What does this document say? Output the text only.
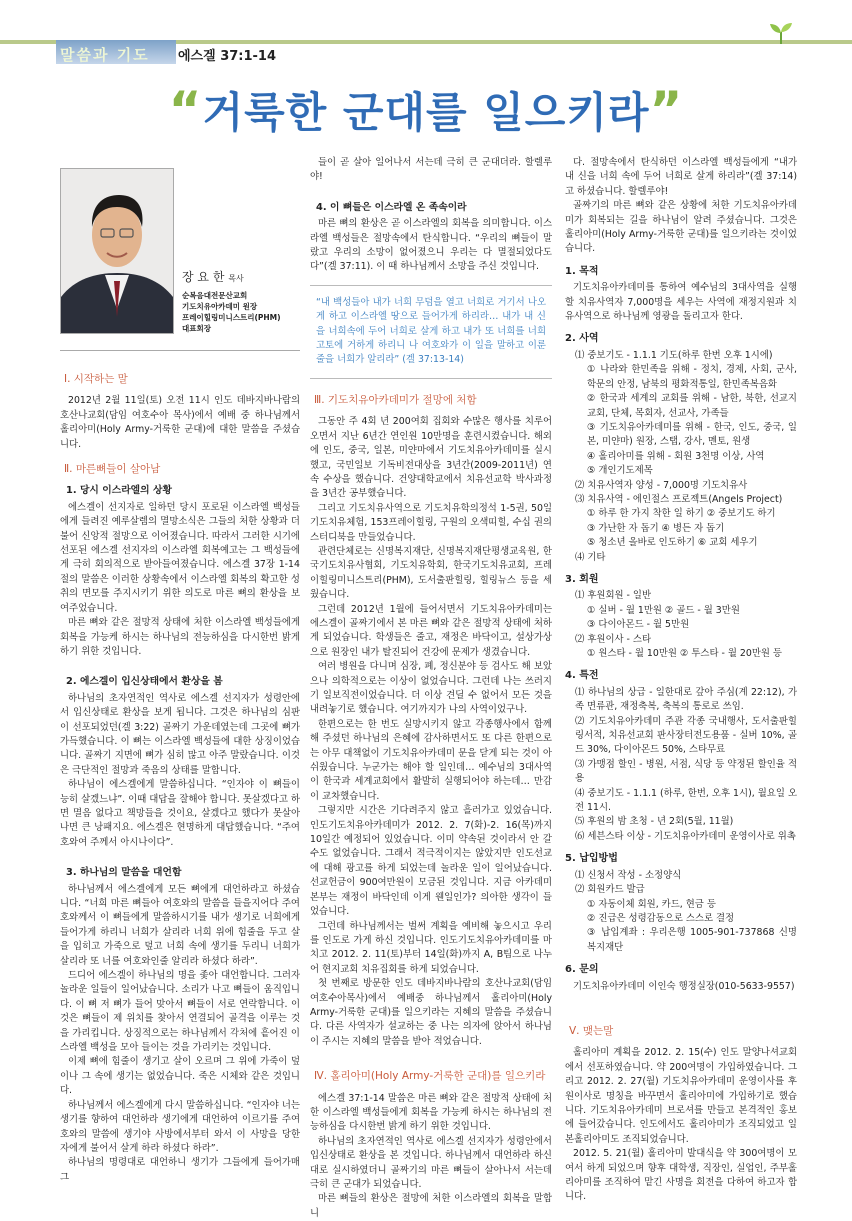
말씀과 기도 에스겔 37:1-14
“거룩한 군대를 일으키라”
장 요 한 목사
순복음대전문산교회
기도치유아카데미 원장
프레이힐링미니스트리(PHM)
대표회장
Ⅰ. 시작하는 말

2012년 2월 11일(토) 오전 11시 인도 데바지바나람의 호산나교회(담임 여호수아 목사)에서 예배 중 하나님께서 홀리아미(Holy Army-거룩한 군대)에 대한 말씀을 주셨습니다.

Ⅱ. 마른뼈들이 살아남
1. 당시 이스라엘의 상황

에스겔이 선지자로 일하던 당시 포로된 이스라엘 백성들에게 들려진 예루살렘의 멸망소식은 그들의 처한 상황과 더불어 신앙적 절망으로 이어졌습니다. 따라서 그러한 시기에 선포된 에스겔 선지자의 이스라엘 회복예고는 그 백성들에게 극히 회의적으로 받아들여졌습니다. 에스겔 37장 1-14절의 말씀은 이러한 상황속에서 이스라엘 회복의 확고한 성취의 면모를 주지시키기 위한 의도로 마른 뼈의 환상을 보여주었습니다.

마른 뼈와 같은 절망적 상태에 처한 이스라엘 백성들에게 회복을 가능케 하시는 하나님의 전능하심을 다시한번 밝게 하기 위한 것입니다.

2. 에스겔이 입신상태에서 환상을 봄

하나님의 초자연적인 역사로 에스겔 선지자가 성령안에서 입신상태로 환상을 보게 됩니다. 그것은 하나님의 심판이 선포되었던(겔 3:22) 골짜기 가운데였는데 그곳에 뼈가 가득했습니다. 이 뼈는 이스라엘 백성들에 대한 상징이었습니다. 골짜기 지면에 뼈가 심히 많고 아주 말랐습니다. 이것은 극단적인 절망과 죽음의 상태를 말합니다.

하나님이 에스겔에게 말씀하십니다. “인자야 이 뼈들이 능히 살겠느냐”. 이때 대답을 잘해야 합니다. 못살겠다고 하면 멸음 없다고 책망들을 것이요, 살겠다고 했다가 못살아나면 큰 낭패지요. 에스겔은 현명하게 대답했습니다. “주여호와여 주께서 아시나이다”.

3. 하나님의 말씀을 대언함

하나님께서 에스겔에게 모든 뼈에게 대언하라고 하셨습니다. “너희 마른 뼈들아 여호와의 말씀을 들을지어다 주여호와께서 이 뼈들에게 말씀하시기를 내가 생기로 너희에게 들어가게 하리니 너희가 살리라 너희 위에 힘줄을 두고 살을 입히고 가죽으로 덮고 너희 속에 생기를 두리니 너희가 살리라 또 너를 여호와인줄 알리라 하셨다 하라”.

드디어 에스겔이 하나님의 명을 좇아 대언합니다. 그러자 놀라운 일들이 일어났습니다. 소리가 나고 뼈들이 움직입니다. 이 뼈 저 뼈가 들어 맞아서 뼈들이 서로 연락합니다. 이것은 뼈들이 제 위치를 찾아서 연결되어 골격을 이루는 것을 가리킵니다. 상징적으로는 하나님께서 각처에 흩어진 이스라엘 백성을 모아 들이는 것을 가리키는 것입니다.

이제 뼈에 힘줄이 생기고 살이 오르며 그 위에 가죽이 덮이나 그 속에 생기는 없었습니다. 죽은 시체와 같은 것입니다.

하나님께서 에스겔에게 다시 말씀하십니다. “인자야 너는 생기를 향하여 대언하라 생기에게 대언하여 이르기를 주여호와의 말씀에 생기야 사방에서부터 와서 이 사망을 당한 자에게 불어서 살게 하라 하셨다 하라”.

하나님의 명령대로 대언하니 생기가 그들에게 들어가매 그

들이 곧 살아 일어나서 서는데 극히 큰 군대더라. 할렐루야!

4. 이 뼈들은 이스라엘 온 족속이라

마른 뼈의 환상은 곧 이스라엘의 회복을 의미합니다. 이스라엘 백성들은 절망속에서 탄식합니다. “우리의 뼈들이 말랐고 우리의 소망이 없어졌으니 우리는 다 멸절되었다도다”(겔 37:11). 이 때 하나님께서 소망을 주신 것입니다.

“내 백성들아 내가 너희 무덤을 열고 너희로 거기서 나오게 하고 이스라엘 땅으로 들어가게 하리라… 내가 내 신을 너희속에 두어 너희로 살게 하고 내가 또 너희를 너희 고토에 거하게 하리니 나 여호와가 이 일을 말하고 이룬 줄을 너희가 알리라” (겔 37:13-14)
Ⅲ. 기도치유아카데미가 절망에 처함

그동안 주 4회 년 200여회 집회와 수많은 행사를 치루어오면서 지난 6년간 연인원 10만명을 훈련시켰습니다. 해외에 인도, 중국, 일본, 미얀마에서 기도치유아카데미를 실시했고, 국민일보 기독비전대상을 3년간(2009-2011년) 연속 수상을 했습니다. 건양대학교에서 치유선교학 박사과정을 3년간 공부했습니다.

그리고 기도치유사역으로 기도치유학의정석 1-5권, 50일기도치유체험, 153프레이힐링, 구원의 오색띠힐, 수십 권의 스터디북을 만들었습니다.

관련단체로는 신명복지재단, 신명복지재단평생교육원, 한국기도치유사협회, 기도치유학회, 한국기도치유교회, 프레이힐링미니스트리(PHM), 도서출판힐링, 힐링뉴스 등을 세웠습니다.

그런데 2012년 1월에 들어서면서 기도치유아카데미는 에스겔이 골짜기에서 본 마른 뼈와 같은 절망적 상태에 처하게 되었습니다. 학생들은 줄고, 재정은 바닥이고, 설상가상으로 원장인 내가 탈진되어 건강에 문제가 생겼습니다.

여러 병원을 다니며 심장, 폐, 정신분야 등 검사도 해 보았으나 의학적으로는 이상이 없었습니다. 그런데 나는 쓰러지기 일보직전이었습니다. 더 이상 견딜 수 없어서 모든 것을 내려놓기로 했습니다. 여기까지가 나의 사역이었구나.

한편으로는 한 번도 실망시키지 않고 각종행사에서 함께 해 주셨던 하나님의 은혜에 감사하면서도 또 다른 한편으로는 아무 대책없이 기도치유아카데미 문을 닫게 되는 것이 아쉬웠습니다. 누군가는 해야 할 일인데… 예수님의 3대사역이 한국과 세계교회에서 활발히 실행되어야 하는데… 만감이 교차했습니다.

그렇지만 시간은 기다려주지 않고 흘러가고 있었습니다. 인도기도치유아카데미가 2012. 2. 7(화)-2. 16(목)까지 10일간 예정되어 있었습니다. 이미 약속된 것이라서 안 갈수도 없었습니다. 그래서 적극적이지는 않았지만 인도선교에 대해 광고를 하게 되었는데 놀라운 일이 일어났습니다. 선교헌금이 900여만원이 모금된 것입니다. 지금 아카데미 본부는 재정이 바닥인데 이게 웬일인가? 의아한 생각이 들었습니다.

그런데 하나님께서는 벌써 계획을 예비해 놓으시고 우리를 인도로 가게 하신 것입니다. 인도기도치유아카데미를 마치고 2012. 2. 11(토)부터 14일(화)까지 A, B팀으로 나누어 현지교회 치유집회를 하게 되었습니다.

첫 번째로 방문한 인도 데바지바나람의 호산나교회(담임 여호수아목사)에서 예배중 하나님께서 홀리아미(Holy Army-거룩한 군대)를 일으키라는 지혜의 말씀을 주셨습니다. 다른 사역자가 설교하는 중 나는 의자에 앉아서 하나님이 주시는 지혜의 말씀을 받아 적었습니다.

Ⅳ. 홀리아미(Holy Army-거룩한 군대)를 일으키라

에스겔 37:1-14 말씀은 마른 뼈와 같은 절망적 상태에 처한 이스라엘 백성들에게 회복을 가능케 하시는 하나님의 전능하심을 다시한번 밝게 하기 위한 것입니다.

하나님의 초자연적인 역사로 에스겔 선지자가 성령안에서 입신상태로 환상을 본 것입니다. 하나님께서 대언하라 하신 대로 실시하였더니 골짜기의 마른 뼈들이 살아나서 서는데 극히 큰 군대가 되었습니다.

마른 뼈들의 환상은 절망에 처한 이스라엘의 회복을 말합니

다. 절망속에서 탄식하던 이스라엘 백성들에게 “내가 내 신을 너희 속에 두어 너희로 살게 하리라”(겔 37:14)고 하셨습니다. 할렐루야!

골짜기의 마른 뼈와 같은 상황에 처한 기도치유아카데미가 회복되는 길을 하나님이 알려 주셨습니다. 그것은 홀리아미(Holy Army-거룩한 군대)를 일으키라는 것이었습니다.

1. 목적

기도치유아카데미를 통하여 예수님의 3대사역을 실행할 치유사역자 7,000명을 세우는 사역에 재정지원과 치유사역으로 하나님께 영광을 돌리고자 한다.

2. 사역
⑴ 중보기도 - 1.1.1 기도(하루 한번 오후 1시에)
① 나라와 한민족을 위해 - 정치, 경제, 사회, 군사, 학문의 안정, 남북의 평화적통일, 한민족복음화
② 한국과 세계의 교회를 위해 - 남한, 북한, 선교지 교회, 단체, 목회자, 선교사, 가족들
③ 기도치유아카데미를 위해 - 한국, 인도, 중국, 일본, 미얀마) 원장, 스탭, 강사, 멘토, 원생
④ 홀리아미를 위해 - 회원 3천명 이상, 사역
⑤ 개인기도제목
⑵ 치유사역자 양성 - 7,000명 기도치유사
⑶ 치유사역 - 에인절스 프로젝트(Angels Project)
① 하루 한 가지 착한 일 하기 ② 중보기도 하기
③ 가난한 자 돕기 ④ 병든 자 돕기
⑤ 청소년 올바로 인도하기 ⑥ 교회 세우기
⑷ 기타
3. 회원
⑴ 후원회원 - 일반
① 실버 - 월 1만원 ② 골드 - 월 3만원
③ 다이아몬드 - 월 5만원
⑵ 후원이사 - 스타
① 원스타 - 월 10만원 ② 투스타 - 월 20만원 등
4. 특전
⑴ 하나님의 상급 - 일한대로 갚아 주심(계 22:12), 가족 면류관, 재정축복, 축복의 통로로 쓰임.
⑵ 기도치유아카데미 주관 각종 국내행사, 도서출판힐링서적, 치유선교회 판사장터전도용품 - 실버 10%, 골드 30%, 다이아몬드 50%, 스타무료
⑶ 가맹점 할인 - 병원, 서점, 식당 등 약정된 할인율 적용
⑷ 중보기도 - 1.1.1 (하루, 한번, 오후 1시), 월요일 오전 11시.
⑸ 후원의 밤 초청 - 년 2회(5월, 11월)
⑹ 세븐스타 이상 - 기도치유아카데미 운영이사로 위촉
5. 납입방법
⑴ 신청서 작성 - 소정양식
⑵ 회원카드 발급
① 자동이체 회원, 카드, 현금 등
② 진급은 성령감동으로 스스로 결정
③ 납입계좌 : 우리은행 1005-901-737868 신명복지재단
6. 문의

기도치유아카데미 이인숙 행정실장(010-5633-9557)

Ⅴ. 맺는말

홀리아미 계획을 2012. 2. 15(수) 인도 말양나셔교회에서 선포하였습니다. 약 200여명이 가입하였습니다. 그리고 2012. 2. 27(월) 기도치유아카데미 운영이사를 후원이사로 명칭을 바꾸면서 홀리아미에 가입하기로 했습니다. 기도치유아카데미 브로셔를 만들고 본격적인 홍보에 들어갔습니다. 인도에서도 홀리아미가 조직되었고 일본홀리아미도 조직되었습니다.

2012. 5. 21(월) 홀리아미 발대식을 약 300여명이 모여서 하게 되었으며 향후 대학생, 직장인, 실업인, 주부홀리아미를 조직하여 맡긴 사명을 회전을 다하여 하고자 합니다.
